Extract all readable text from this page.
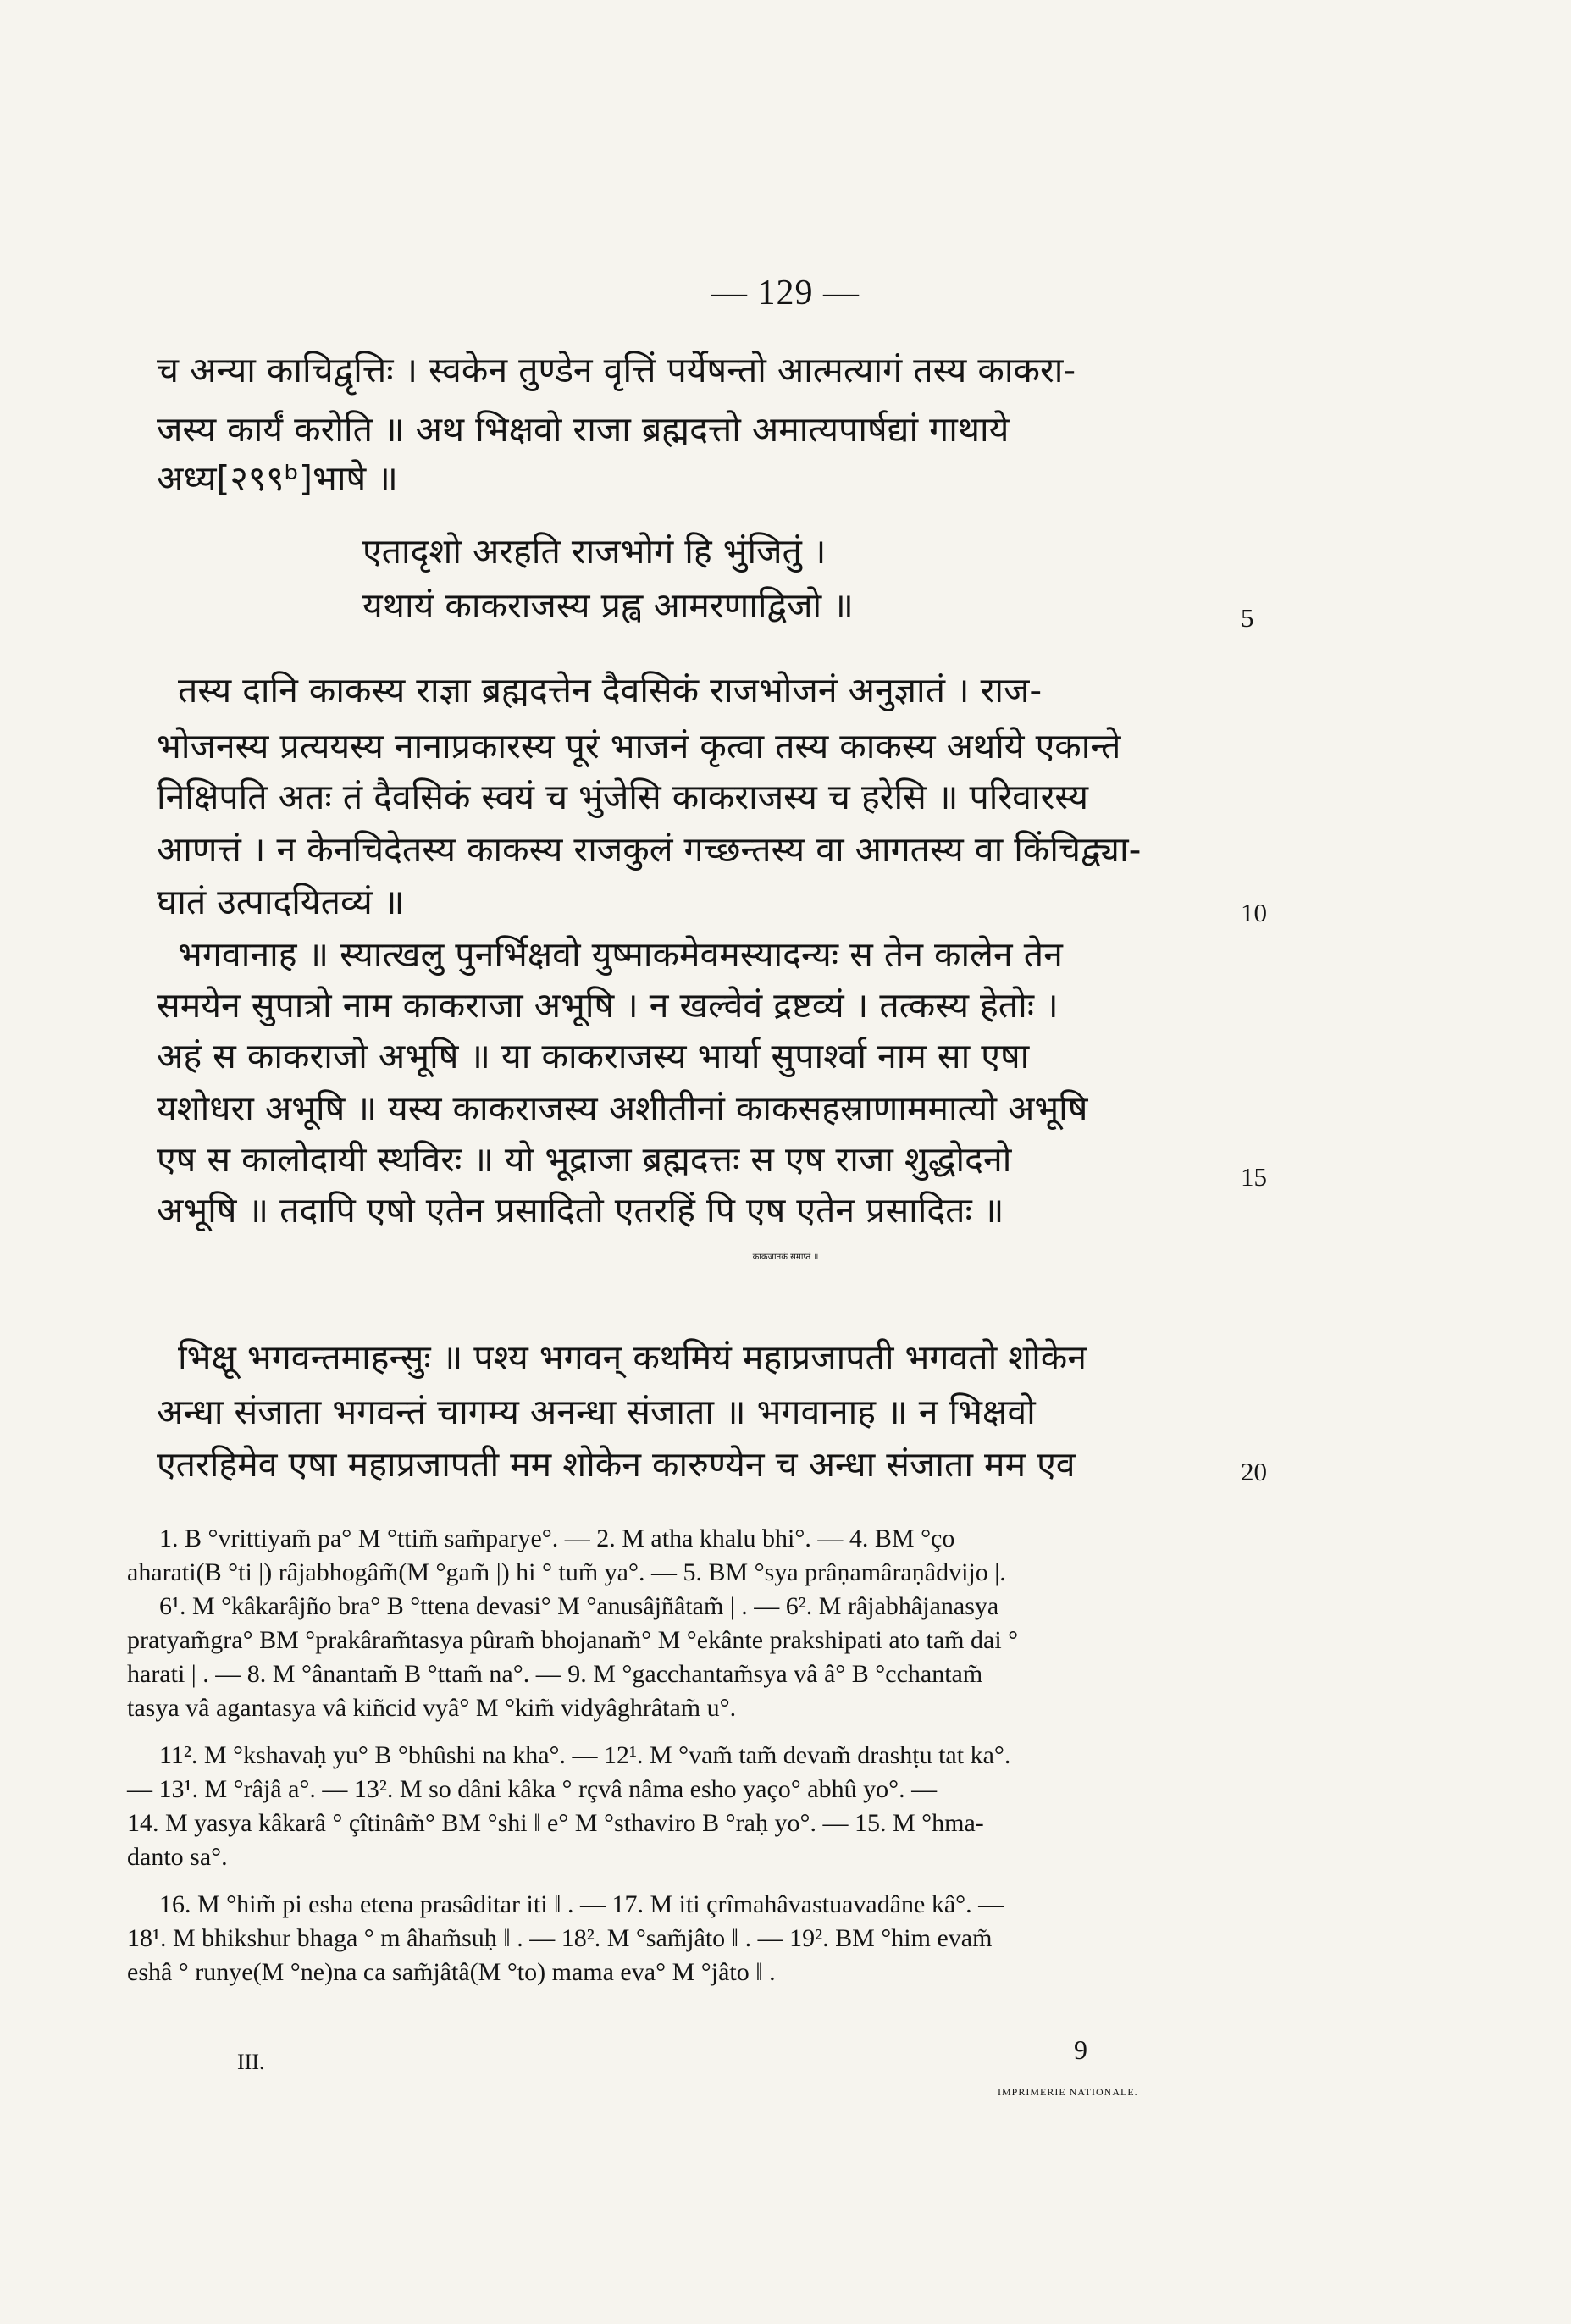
— 129 —
च अन्या काचिद्वृत्तिः । स्वकेन तुण्डेन वृत्तिं पर्येषन्तो आत्मत्यागं तस्य काकरा-
जस्य कार्यं करोति ॥ अथ भिक्षवो राजा ब्रह्मदत्तो अमात्यपार्षद्यां गाथाये
अध्य[२९९ᵇ]भाषे ॥
एतादृशो अरहति राजभोगं हि भुंजितुं ।
यथायं काकराजस्य प्रह्व आमरणाद्विजो ॥	5
तस्य दानि काकस्य राज्ञा ब्रह्मदत्तेन दैवसिकं राजभोजनं अनुज्ञातं । राज-
भोजनस्य प्रत्ययस्य नानाप्रकारस्य पूरं भाजनं कृत्वा तस्य काकस्य अर्थाये एकान्ते
निक्षिपति अतः तं दैवसिकं स्वयं च भुंजेसि काकराजस्य च हरेसि ॥ परिवारस्य
आणत्तं । न केनचिदेतस्य काकस्य राजकुलं गच्छन्तस्य वा आगतस्य वा किंचिद्व्या-
घातं उत्पादयितव्यं ॥	10
भगवानाह ॥ स्यात्खलु पुनर्भिक्षवो युष्माकमेवमस्यादन्यः स तेन कालेन तेन
समयेन सुपात्रो नाम काकराजा अभूषि । न खल्वेवं द्रष्टव्यं । तत्कस्य हेतोः ।
अहं स काकराजो अभूषि ॥ या काकराजस्य भार्या सुपार्श्वा नाम सा एषा
यशोधरा अभूषि ॥ यस्य काकराजस्य अशीतीनां काकसहस्राणाममात्यो अभूषि
एष स कालोदायी स्थविरः ॥ यो भूद्राजा ब्रह्मदत्तः स एष राजा शुद्धोदनो
अभूषि ॥ तदापि एषो एतेन प्रसादितो एतरहिं पि एष एतेन प्रसादितः ॥
15
काकजातकं समाप्तं ॥
भिक्षू भगवन्तमाहन्सुः ॥ पश्य भगवन् कथमियं महाप्रजापती भगवतो शोकेन
अन्धा संजाता भगवन्तं चागम्य अनन्धा संजाता ॥ भगवानाह ॥ न भिक्षवो
एतरहिमेव एषा महाप्रजापती मम शोकेन कारुण्येन च अन्धा संजाता मम एव	20
1. B °vrittiyam̃ pa° M °ttim̃ sam̃parye°. — 2. M atha khalu bhi°. — 4. BM °ço
aharati(B °ti |) râjabhogâm̃(M °gam̃ |) hi ° tum̃ ya°. — 5. BM °sya prâṇamâraṇâdvijo |.
6¹. M °kâkarâjño bra° B °ttena devasi° M °anusâjñâtam̃ | . — 6². M râjabhâjanasya
pratyam̃gra° BM °prakâram̃tasya pûram̃ bhojanam̃° M °ekânte prakshipati ato tam̃ dai °
harati | . — 8. M °ânantam̃ B °ttam̃ na°. — 9. M °gacchantam̃sya vâ â° B °cchantam̃
tasya vâ agantasya vâ kiñcid vyâ° M °kim̃ vidyâghrâtam̃ u°.
11². M °kshavaḥ yu° B °bhûshi na kha°. — 12¹. M °vam̃ tam̃ devam̃ drashṭu tat ka°.
— 13¹. M °râjâ a°. — 13². M so dâni kâka ° rçvâ nâma esho yaço° abhû yo°. —
14. M yasya kâkarâ ° çîtinâm̃° BM °shi ‖ e° M °sthaviro B °raḥ yo°. — 15. M °hma-
danto sa°.
16. M °him̃ pi esha etena prasâditar iti ‖ . — 17. M iti çrîmahâvastuavadâne kâ°. —
18¹. M bhikshur bhaga ° m âham̃suḥ ‖ . — 18². M °sam̃jâto ‖ . — 19². BM °him evam̃
eshâ ° runye(M °ne)na ca sam̃jâtâ(M °to) mama eva° M °jâto ‖ .
III.	9
IMPRIMERIE NATIONALE.
